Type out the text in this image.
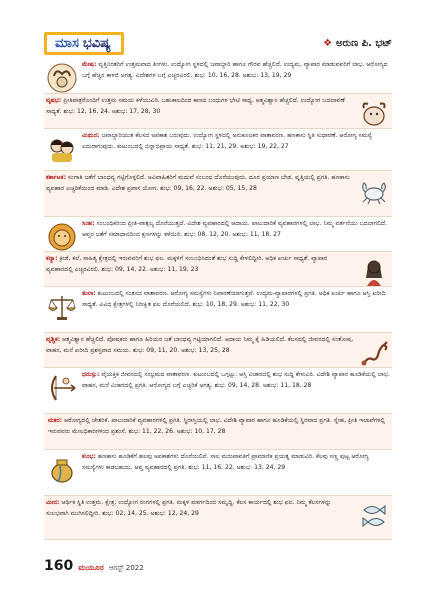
ಮಾಸ ಭವಿಷ್ಯ	❖ ಅರುಣ ಪಿ. ಭಟ್
ಮೇಷ: ವೃತ್ತಿನಿರತರಿಗೆ ಉತ್ತಮವಾದ ತಿಂಗಳು. ಉದ್ಯೋಗ ಸ್ಥಳದಲ್ಲಿ ಜವಾಬ್ದಾರಿ ಹಾಗೂ ಗೌರವ ಹೆಚ್ಚಲಿದೆ. ಉದ್ಯಮ, ವ್ಯಾಪಾರ ಮಾಡುವವರಿಗೆ ಲಾಭ. ಆರೋಗ್ಯದ ಬಗ್ಗೆ ಹೆಚ್ಚಿನ ಕಾಳಜಿ ಅಗತ್ಯ. ವಿದೇಶಗಳ ಬಗ್ಗೆ ಎಚ್ಚರವಿರಲಿ. ಶುಭ: 10, 16, 28. ಅಶುಭ: 13, 19, 29
ವೃಷಭ: ಪ್ರೀತಿಪಾತ್ರರೊಂದಿಗೆ ಉತ್ತಮ ಸಮಯ ಕಳೆಯುವಿರಿ. ಬಹುಕಾಲದಿಂದ ಕಾಣದ ಬಂಧುಗಳ ಭೇಟಿ ಸಾಧ್ಯ. ಆತ್ಮವಿಶ್ವಾಸ ಹೆಚ್ಚಲಿದೆ. ಉದ್ಯೋಗ ಬದಲಾವಣೆ ಸಾಧ್ಯತೆ. ಶುಭ: 12, 16, 24. ಅಶುಭ: 17, 28, 30
ಮಿಥುನ: ಜವಾಬ್ದಾರಿಯುತ ಕೆಲಸದ ಅವಕಾಶ ಬರುವುದು. ಉದ್ಯೋಗ ಸ್ಥಳದಲ್ಲಿ ಅನುಕೂಲಕರ ವಾತಾವರಣ. ಹಣಕಾಸು ಸ್ಥಿತಿ ಸುಧಾರಣೆ. ಆರೋಗ್ಯ ಸಮಸ್ಯೆ ಎದುರಾಗುವುದು. ಕುಟುಂಬದಲ್ಲಿ ಭಿನ್ನಾಭಿಪ್ರಾಯ ಸಾಧ್ಯತೆ. ಶುಭ: 11, 21, 29. ಅಶುಭ: 19, 22, 27
ಕರ್ಕಾಟಕ: ಸಂಗಾತಿ ಜತೆಗೆ ಬಾಂಧವ್ಯ ಗಟ್ಟಿಗೊಳ್ಳಲಿದೆ. ಅವಿವಾಹಿತರಿಗೆ ಮದುವೆ ಸಂಬಂಧ ದೊರೆಯುವುದು. ದೂರ ಪ್ರಯಾಣ ಬೇಡ. ವೃತ್ತಿಯಲ್ಲಿ ಪ್ರಗತಿ. ಹಣಕಾಸು ವ್ಯವಹಾರ ಎಚ್ಚರಿಕೆಯಿಂದ ಮಾಡಿ. ವಿದೇಶ ಪ್ರವಾಸ ಯೋಗ. ಶುಭ: 09, 16, 22. ಅಶುಭ: 05, 15, 28
ಸಿಂಹ: ಸಂಬಂಧಿಕರಿಂದ ಪ್ರೀತಿ-ವಾತ್ಸಲ್ಯ ದೊರೆಯುತ್ತದೆ. ವಿದೇಶ ವ್ಯವಹಾರದಲ್ಲಿ ಆದಾಯ. ಪಾಲುದಾರಿಕೆ ವ್ಯವಹಾರಗಳಲ್ಲಿ ಲಾಭ. ನಿಮ್ಮ ವರ್ತನೆಯು ಬದಲಾಗಲಿದೆ. ಆಪ್ತರ ಜತೆಗೆ ಸಮಾಧಾನದಿಂದ ಕ್ಷಣಗಳನ್ನು ಕಳೆಯಿರಿ. ಶುಭ: 08, 12, 20. ಅಶುಭ: 11, 18, 27
ಕನ್ಯಾ: ಕ್ರೀಡೆ, ಕಲೆ, ಸಾಹಿತ್ಯ ಕ್ಷೇತ್ರದಲ್ಲಿ ಇರುವವರಿಗೆ ಶುಭ ಫಲ. ಮಕ್ಕಳಿಗೆ ಸಂಬಂಧಿಸಿದಂತೆ ಶುಭ ಸುದ್ದಿ ಕೇಳಲಿದ್ದೀರಿ. ಅಧಿಕ ಖರ್ಚು ಸಾಧ್ಯತೆ. ವ್ಯಾಪಾರ ವ್ಯವಹಾರದಲ್ಲಿ ಎಚ್ಚರವಿರಲಿ. ಶುಭ: 09, 14, 22. ಅಶುಭ: 11, 19, 23
ತುಲಾ: ಕುಟುಂಬದಲ್ಲಿ ಸಂತಸದ ವಾತಾವರಣ. ಆರೋಗ್ಯ ಸಮಸ್ಯೆಗಳು ನಿವಾರಣೆಯಾಗುತ್ತವೆ. ಉದ್ಯಮ-ವ್ಯಾಪಾರಗಳಲ್ಲಿ ಪ್ರಗತಿ. ಅಧಿಕ ಖರ್ಚು ಹಾಗೂ ಆಸ್ತಿ ಖರೀದಿ ಸಾಧ್ಯತೆ. ವಿವಿಧ ಕ್ಷೇತ್ರಗಳಲ್ಲಿ ನಿರೀಕ್ಷಿತ ಫಲ ದೊರೆಯಲಿದೆ. ಶುಭ: 10, 18, 29. ಅಶುಭ: 11, 22, 30
ವೃಶ್ಚಿಕ: ಆತ್ಮವಿಶ್ವಾಸ ಹೆಚ್ಚಲಿದೆ. ಪೋಷಕರು ಹಾಗೂ ಹಿರಿಯರ ಜತೆ ಬಾಂಧವ್ಯ ಗಟ್ಟಿಯಾಗಲಿದೆ. ಆದಾಯ ನಿಮ್ಮ ಕೈ ಹಿಡಿಯಲಿದೆ. ಕೆಲಸದಲ್ಲಿ ಜೀವನದಲ್ಲಿ ಸಂತೋಷ, ವಾಹನ, ಮನೆ ಖರೀದಿ ಪ್ರಶಸ್ತವಾದ ಸಮಯ. ಶುಭ: 09, 11, 20. ಅಶುಭ: 13, 25, 28
ಧನುಸ್ಸು: ವೈಯಕ್ತಿಕ ಜೀವನದಲ್ಲಿ ಸಂಭ್ರಮದ ವಾತಾವರಣ. ಕುಟುಂಬದಲ್ಲಿ ಒಗ್ಗಟ್ಟು. ಆಸ್ತಿ ವಿಚಾರದಲ್ಲಿ ಶುಭ ಸುದ್ದಿ ಕೇಳುವಿರಿ. ವಿದೇಶಿ ವ್ಯಾಪಾರ ಹೂಡಿಕೆಯಲ್ಲಿ ಲಾಭ. ವಾಹನ, ಮನೆ ವಿಚಾರದಲ್ಲಿ ಪ್ರಗತಿ. ಆರೋಗ್ಯದ ಬಗ್ಗೆ ಎಚ್ಚರಿಕೆ ಅಗತ್ಯ. ಶುಭ: 09, 14, 28. ಅಶುಭ: 11, 18, 28
ಮಕರ: ಆರೋಗ್ಯದಲ್ಲಿ ಚೇತರಿಕೆ. ಪಾಲುದಾರಿಕೆ ವ್ಯವಹಾರಗಳಲ್ಲಿ ಪ್ರಗತಿ. ಸ್ಥಿರಾಸ್ತಿಯಲ್ಲಿ ಲಾಭ. ವಿದೇಶಿ ವ್ಯಾಪಾರ ಹಾಗೂ ಹೂಡಿಕೆಯಲ್ಲಿ ಸ್ಥಿರವಾದ ಪ್ರಗತಿ. ಸ್ನೇಹ, ಪ್ರೀತಿ ಇಲಾಖೆಗಳಲ್ಲಿ ಇರುವವರು ಮೇಲಧಿಕಾರಿಗಳಿಂದ ಪ್ರಶಂಸೆ. ಶುಭ: 11, 22, 26. ಅಶುಭ: 10, 17, 28
ಕುಂಭ: ಹಣಕಾಸು ಹೂಡಿಕೆಗೆ ಹಲವು ಅವಕಾಶಗಳು ದೊರೆಯಲಿವೆ. ಸಾಲ ಮರುಪಾವತಿಗೆ ಪ್ರಾಮಾಣಿಕ ಪ್ರಯತ್ನ ಮಾಡುವಿರಿ. ಕೆಲವು ಸಣ್ಣ ಪುಟ್ಟ ಆರೋಗ್ಯ ಸಮಸ್ಯೆಗಳು ಕಾಡಬಹುದು. ಆಪ್ತ ವ್ಯವಹಾರದಲ್ಲಿ ಪ್ರಗತಿ. ಶುಭ: 11, 16, 22. ಅಶುಭ: 13, 24, 29
ಮೀನ: ಆರ್ಥಿಕ ಸ್ಥಿತಿ ಉತ್ತಮ. ಕ್ಷೇತ್ರ, ಉದ್ಯೋಗ ರಂಗಗಳಲ್ಲಿ ಪ್ರಗತಿ. ಮಕ್ಕಳ ಮಾರ್ಗದಿಂದ ಸಮೃದ್ಧಿ. ಕೆಲಸ ಕಾರ್ಯದಲ್ಲಿ ಶುಭ ಫಲ. ನಿಮ್ಮ ಕೆಲಸಗಳನ್ನು ಸುಲಭವಾಗಿ ಮುಗಿಸಲಿದ್ದೀರಿ. ಶುಭ: 02, 14, 25. ಅಶುಭ: 12, 24, 29
160 ಮಯೂರ ಆಗಸ್ಟ್ 2022
